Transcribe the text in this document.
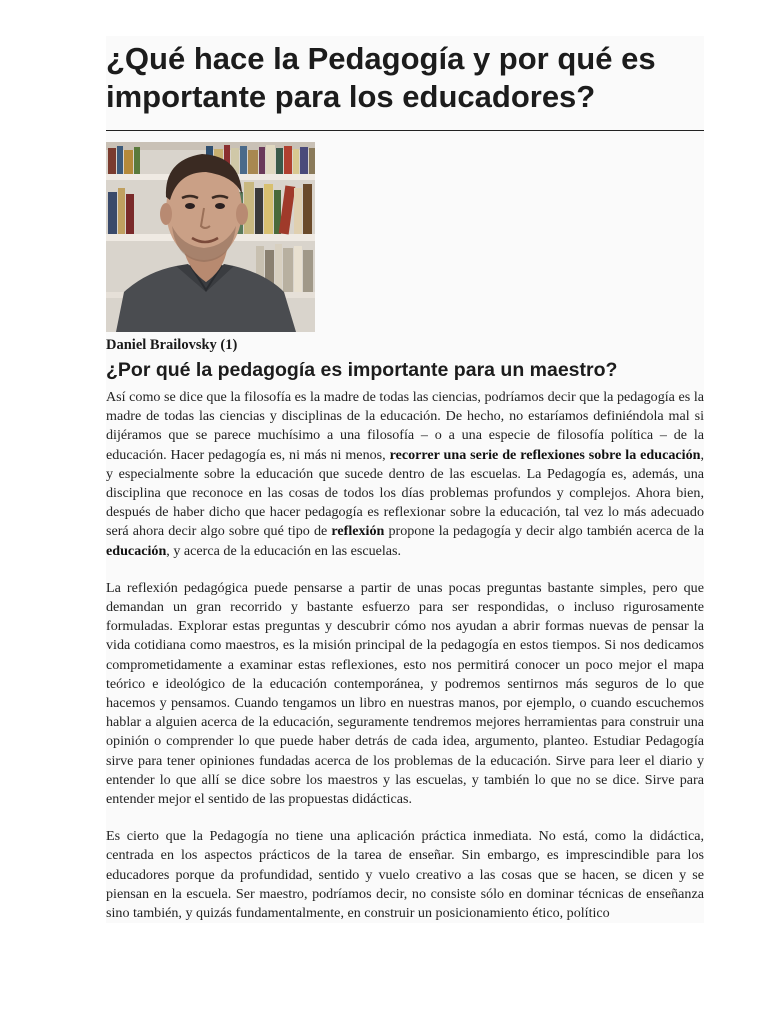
¿Qué hace la Pedagogía y por qué es importante para los educadores?

Daniel Brailovsky (1)

¿Por qué la pedagogía es importante para un maestro?

Así como se dice que la filosofía es la madre de todas las ciencias, podríamos decir que la pedagogía es la madre de todas las ciencias y disciplinas de la educación. De hecho, no estaríamos definiéndola mal si dijéramos que se parece muchísimo a una filosofía – o a una especie de filosofía política – de la educación. Hacer pedagogía es, ni más ni menos, recorrer una serie de reflexiones sobre la educación, y especialmente sobre la educación que sucede dentro de las escuelas. La Pedagogía es, además, una disciplina que reconoce en las cosas de todos los días problemas profundos y complejos. Ahora bien, después de haber dicho que hacer pedagogía es reflexionar sobre la educación, tal vez lo más adecuado será ahora decir algo sobre qué tipo de reflexión propone la pedagogía y decir algo también acerca de la educación, y acerca de la educación en las escuelas.

La reflexión pedagógica puede pensarse a partir de unas pocas preguntas bastante simples, pero que demandan un gran recorrido y bastante esfuerzo para ser respondidas, o incluso rigurosamente formuladas. Explorar estas preguntas y descubrir cómo nos ayudan a abrir formas nuevas de pensar la vida cotidiana como maestros, es la misión principal de la pedagogía en estos tiempos. Si nos dedicamos comprometidamente a examinar estas reflexiones, esto nos permitirá conocer un poco mejor el mapa teórico e ideológico de la educación contemporánea, y podremos sentirnos más seguros de lo que hacemos y pensamos. Cuando tengamos un libro en nuestras manos, por ejemplo, o cuando escuchemos hablar a alguien acerca de la educación, seguramente tendremos mejores herramientas para construir una opinión o comprender lo que puede haber detrás de cada idea, argumento, planteo. Estudiar Pedagogía sirve para tener opiniones fundadas acerca de los problemas de la educación. Sirve para leer el diario y entender lo que allí se dice sobre los maestros y las escuelas, y también lo que no se dice. Sirve para entender mejor el sentido de las propuestas didácticas.

Es cierto que la Pedagogía no tiene una aplicación práctica inmediata. No está, como la didáctica, centrada en los aspectos prácticos de la tarea de enseñar. Sin embargo, es imprescindible para los educadores porque da profundidad, sentido y vuelo creativo a las cosas que se hacen, se dicen y se piensan en la escuela. Ser maestro, podríamos decir, no consiste sólo en dominar técnicas de enseñanza sino también, y quizás fundamentalmente, en construir un posicionamiento ético, político
